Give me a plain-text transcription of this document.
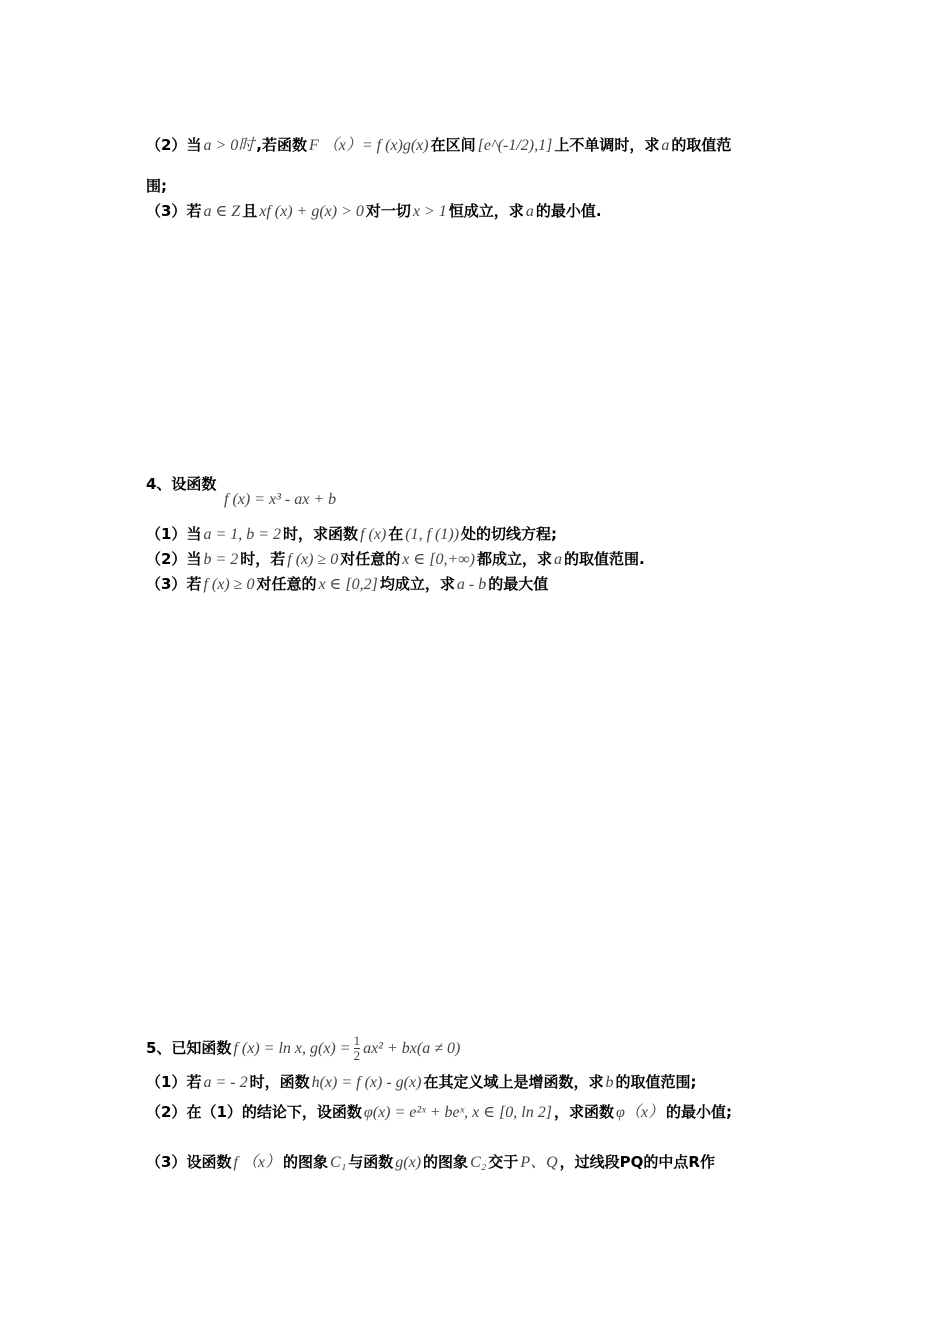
（2）当 a > 0时 ,若函数 F （x）= f (x)g(x) 在区间 [e^(-1/2),1] 上不单调时，求 a 的取值范
围;
（3）若 a ∈ Z 且 xf (x) + g(x) > 0 对一切 x > 1 恒成立，求 a 的最小值.
4、设函数
f (x) = x³ - ax + b
（1）当 a = 1, b = 2 时，求函数 f (x) 在 (1, f (1)) 处的切线方程;
（2）当 b = 2 时，若 f (x) ≥ 0 对任意的 x ∈ [0,+∞) 都成立，求 a 的取值范围.
（3）若 f (x) ≥ 0 对任意的 x ∈ [0,2] 均成立，求 a - b 的最大值
5、已知函数 f (x) = ln x, $g(x) = \frac{1}{2} ax^2 + bx(a \ne 0)$
（1）若 a = - 2 时，函数 h(x) = f (x) - g(x) 在其定义域上是增函数，求 b 的取值范围;
（2）在（1）的结论下，设函数 φ(x) = e²ˣ + beˣ, x ∈ [0, ln 2] ，求函数 φ（x） 的最小值;
（3）设函数 f （x） 的图象 C₁ 与函数 g(x) 的图象 C₂ 交于 P、Q ，过线段PQ的中点R作
